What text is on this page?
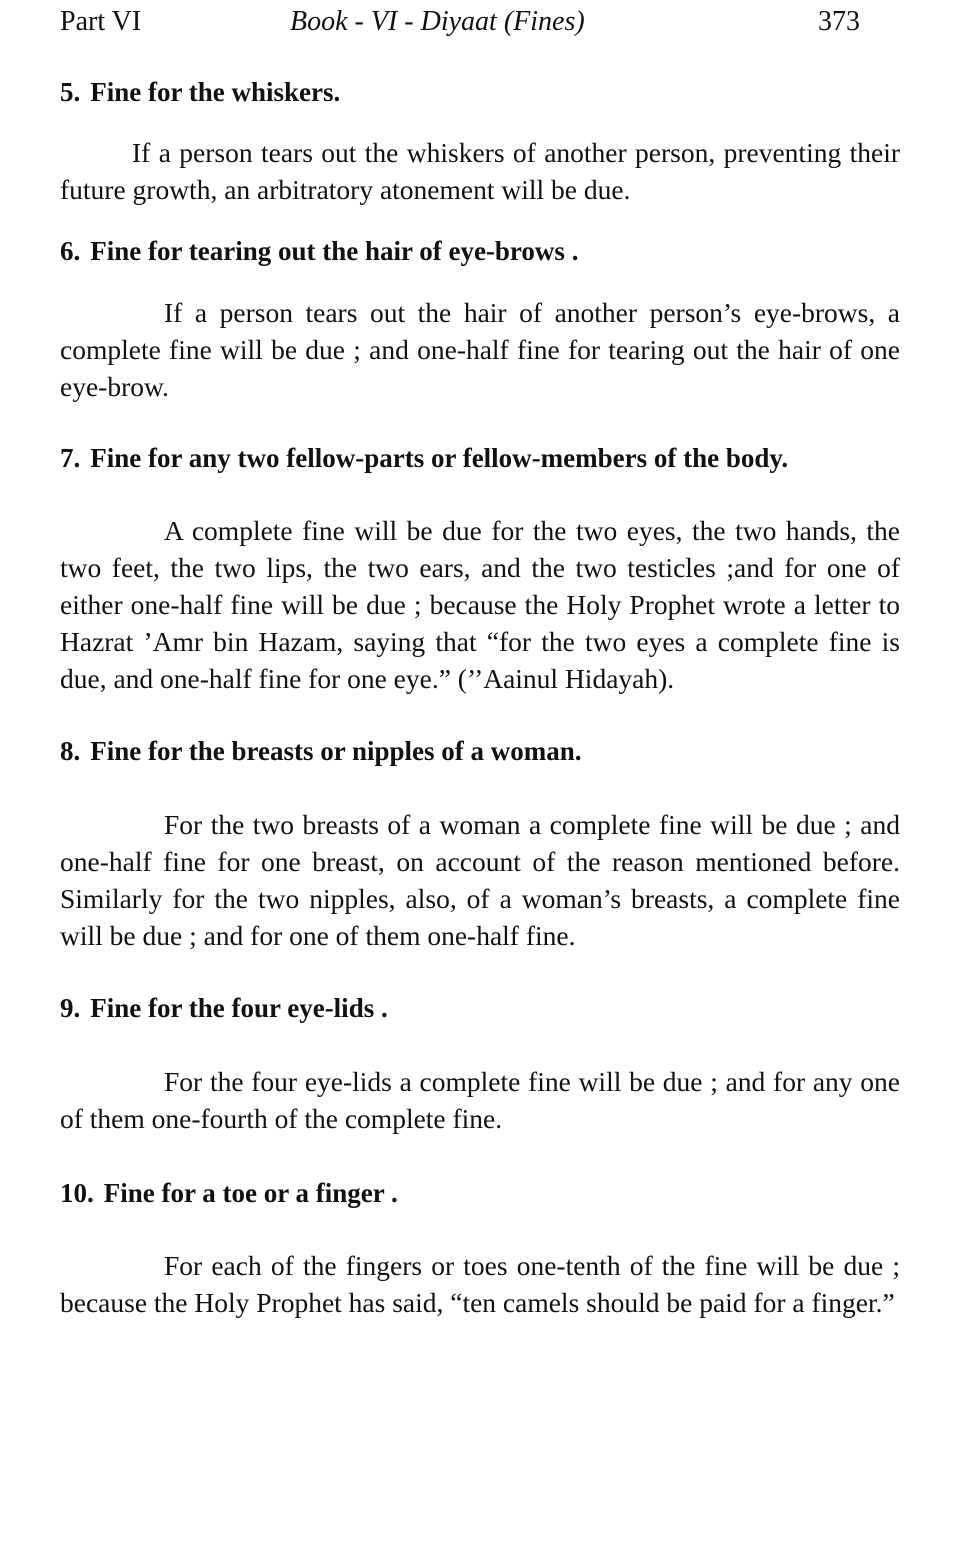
Part VI	Book - VI - Diyaat (Fines)	373

5. Fine for the whiskers.

If a person tears out the whiskers of another person, preventing their future growth, an arbitratory atonement will be due.

6. Fine for tearing out the hair of eye-brows .

If a person tears out the hair of another person’s eye-brows, a complete fine will be due ; and one-half fine for tearing out the hair of one eye-brow.

7. Fine for any two fellow-parts or fellow-members of the body.

A complete fine will be due for the two eyes, the two hands, the two feet, the two lips, the two ears, and the two testicles ;and for one of either one-half fine will be due ; because the Holy Prophet wrote a letter to Hazrat ’Amr bin Hazam, saying that “for the two eyes a complete fine is due, and one-half fine for one eye.” (’’Aainul Hidayah).

8. Fine for the breasts or nipples of a woman.

For the two breasts of a woman a complete fine will be due ; and one-half fine for one breast, on account of the reason mentioned before. Similarly for the two nipples, also, of a woman’s breasts, a complete fine will be due ; and for one of them one-half fine.

9. Fine for the four eye-lids .

For the four eye-lids a complete fine will be due ; and for any one of them one-fourth of the complete fine.

10. Fine for a toe or a finger .

For each of the fingers or toes one-tenth of the fine will be due ; because the Holy Prophet has said, “ten camels should be paid for a finger.”
